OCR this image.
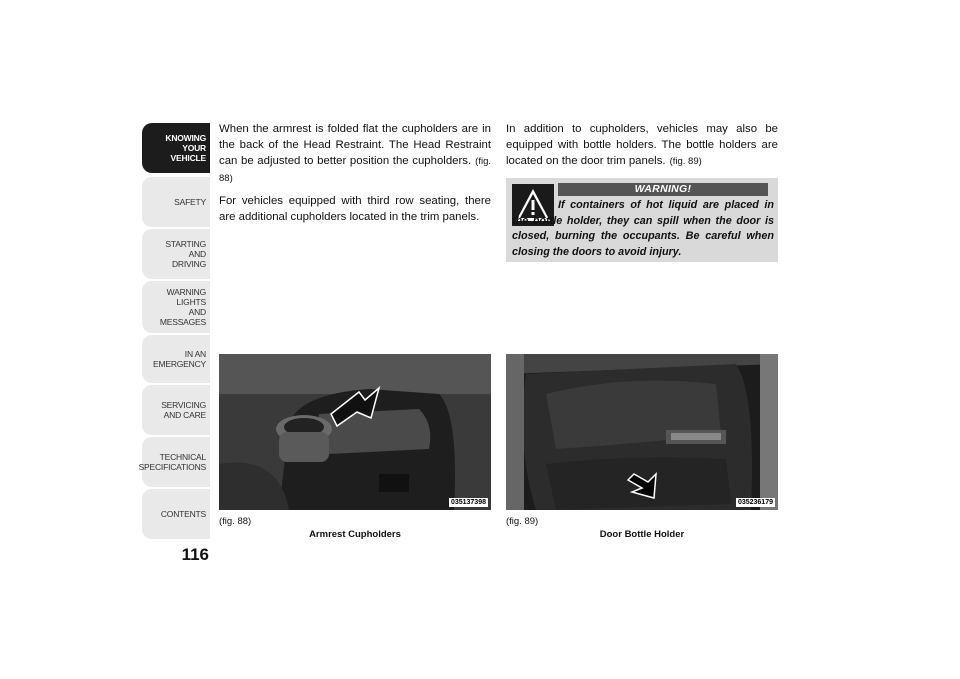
KNOWING
YOUR
VEHICLE
SAFETY
STARTING
AND
DRIVING
WARNING
LIGHTS
AND
MESSAGES
IN AN
EMERGENCY
SERVICING
AND CARE
TECHNICAL
SPECIFICATIONS
CONTENTS
116

When the armrest is folded flat the cupholders are in the back of the Head Restraint. The Head Restraint can be adjusted to better position the cupholders. (fig. 88)

For vehicles equipped with third row seating, there are additional cupholders located in the trim panels.

In addition to cupholders, vehicles may also be equipped with bottle holders. The bottle holders are located on the door trim panels. (fig. 89)

WARNING!
If containers of hot liquid are placed in the bottle holder, they can spill when the door is closed, burning the occupants. Be careful when closing the doors to avoid injury.
035137398
(fig. 88)
Armrest Cupholders
035236179
(fig. 89)
Door Bottle Holder
